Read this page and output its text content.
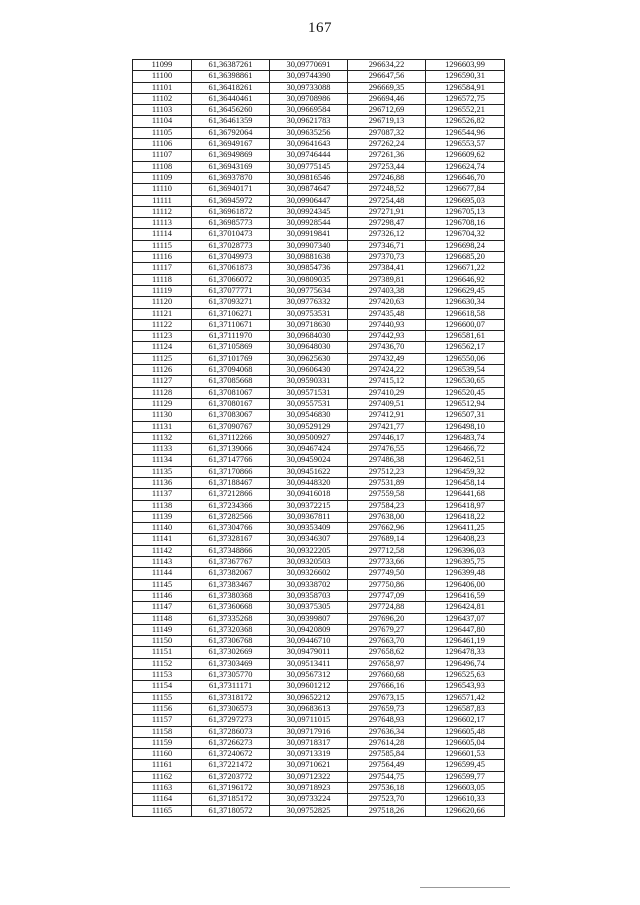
167
11099	61,36387261	30,09770691	296634,22	1296603,99
11100	61,36398861	30,09744390	296647,56	1296590,31
11101	61,36418261	30,09733088	296669,35	1296584,91
11102	61,36440461	30,09708986	296694,46	1296572,75
11103	61,36456260	30,09669584	296712,69	1296552,21
11104	61,36461359	30,09621783	296719,13	1296526,82
11105	61,36792064	30,09635256	297087,32	1296544,96
11106	61,36949167	30,09641643	297262,24	1296553,57
11107	61,36949869	30,09746444	297261,36	1296609,62
11108	61,36943169	30,09775145	297253,44	1296624,74
11109	61,36937870	30,09816546	297246,88	1296646,70
11110	61,36940171	30,09874647	297248,52	1296677,84
11111	61,36945972	30,09906447	297254,48	1296695,03
11112	61,36961872	30,09924345	297271,91	1296705,13
11113	61,36985773	30,09928544	297298,47	1296708,16
11114	61,37010473	30,09919841	297326,12	1296704,32
11115	61,37028773	30,09907340	297346,71	1296698,24
11116	61,37049973	30,09881638	297370,73	1296685,20
11117	61,37061873	30,09854736	297384,41	1296671,22
11118	61,37066072	30,09809035	297389,81	1296646,92
11119	61,37077771	30,09775634	297403,38	1296629,45
11120	61,37093271	30,09776332	297420,63	1296630,34
11121	61,37106271	30,09753531	297435,48	1296618,58
11122	61,37110671	30,09718630	297440,93	1296600,07
11123	61,37111970	30,09684030	297442,93	1296581,61
11124	61,37105869	30,09648030	297436,70	1296562,17
11125	61,37101769	30,09625630	297432,49	1296550,06
11126	61,37094068	30,09606430	297424,22	1296539,54
11127	61,37085668	30,09590331	297415,12	1296530,65
11128	61,37081067	30,09571531	297410,29	1296520,45
11129	61,37080167	30,09557531	297409,51	1296512,94
11130	61,37083067	30,09546830	297412,91	1296507,31
11131	61,37090767	30,09529129	297421,77	1296498,10
11132	61,37112266	30,09500927	297446,17	1296483,74
11133	61,37139066	30,09467424	297476,55	1296466,72
11134	61,37147766	30,09459024	297486,38	1296462,51
11135	61,37170866	30,09451622	297512,23	1296459,32
11136	61,37188467	30,09448320	297531,89	1296458,14
11137	61,37212866	30,09416018	297559,58	1296441,68
11138	61,37234366	30,09372215	297584,23	1296418,97
11139	61,37282566	30,09367811	297638,00	1296418,22
11140	61,37304766	30,09353409	297662,96	1296411,25
11141	61,37328167	30,09346307	297689,14	1296408,23
11142	61,37348866	30,09322205	297712,58	1296396,03
11143	61,37367767	30,09320503	297733,66	1296395,75
11144	61,37382067	30,09326602	297749,50	1296399,48
11145	61,37383467	30,09338702	297750,86	1296406,00
11146	61,37380368	30,09358703	297747,09	1296416,59
11147	61,37360668	30,09375305	297724,88	1296424,81
11148	61,37335268	30,09399807	297696,20	1296437,07
11149	61,37320368	30,09420809	297679,27	1296447,80
11150	61,37306768	30,09446710	297663,70	1296461,19
11151	61,37302669	30,09479011	297658,62	1296478,33
11152	61,37303469	30,09513411	297658,97	1296496,74
11153	61,37305770	30,09567312	297660,68	1296525,63
11154	61,37311171	30,09601212	297666,16	1296543,93
11155	61,37318172	30,09652212	297673,15	1296571,42
11156	61,37306573	30,09683613	297659,73	1296587,83
11157	61,37297273	30,09711015	297648,93	1296602,17
11158	61,37286073	30,09717916	297636,34	1296605,48
11159	61,37266273	30,09718317	297614,28	1296605,04
11160	61,37240672	30,09713319	297585,84	1296601,53
11161	61,37221472	30,09710621	297564,49	1296599,45
11162	61,37203772	30,09712322	297544,75	1296599,77
11163	61,37196172	30,09718923	297536,18	1296603,05
11164	61,37185172	30,09733224	297523,70	1296610,33
11165	61,37180572	30,09752825	297518,26	1296620,66
